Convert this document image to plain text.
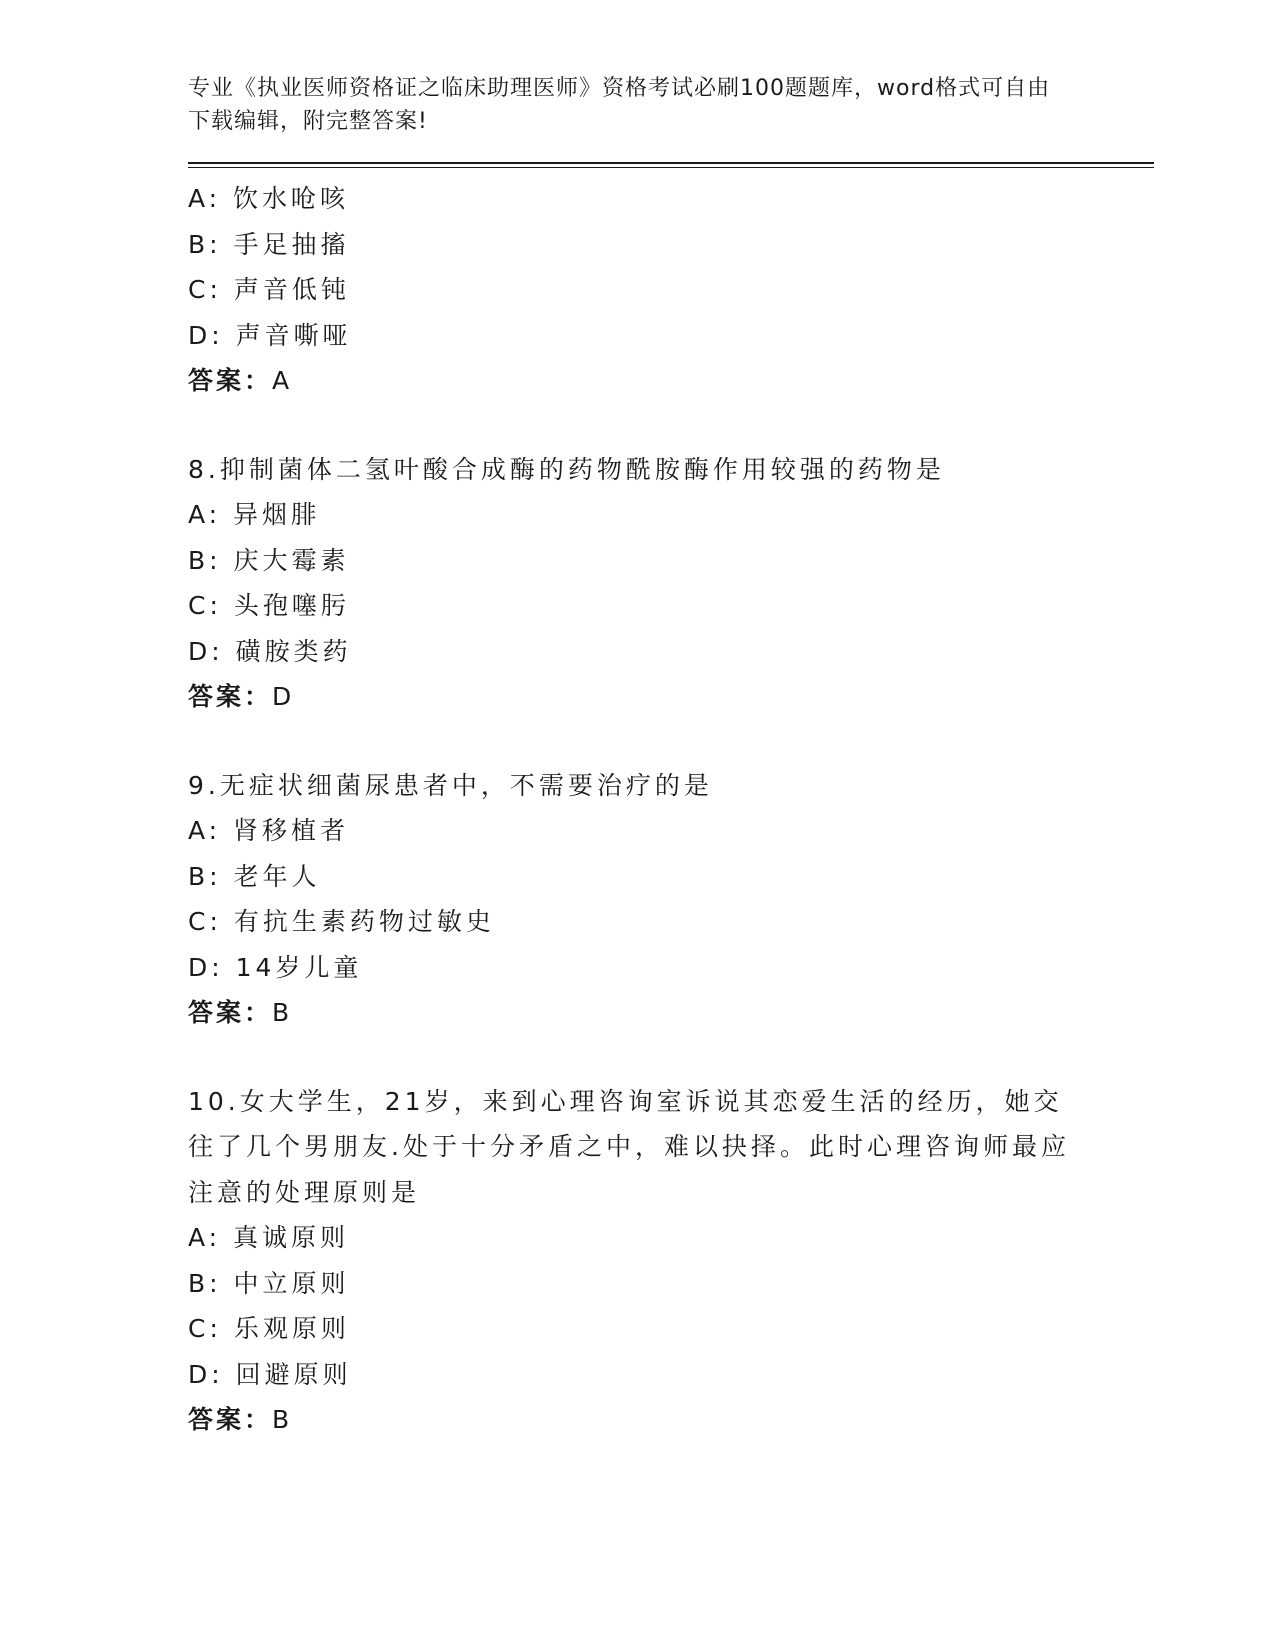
专业《执业医师资格证之临床助理医师》资格考试必刷100题题库，word格式可自由下载编辑，附完整答案!
A: 饮水呛咳
B: 手足抽搐
C: 声音低钝
D: 声音嘶哑
答案：A
8.抑制菌体二氢叶酸合成酶的药物酰胺酶作用较强的药物是
A: 异烟腓
B: 庆大霉素
C: 头孢噻肟
D: 磺胺类药
答案：D
9.无症状细菌尿患者中，不需要治疗的是
A: 肾移植者
B: 老年人
C: 有抗生素药物过敏史
D: 14岁儿童
答案：B
10.女大学生，21岁，来到心理咨询室诉说其恋爱生活的经历，她交往了几个男朋友.处于十分矛盾之中，难以抉择。此时心理咨询师最应注意的处理原则是
A: 真诚原则
B: 中立原则
C: 乐观原则
D: 回避原则
答案：B
